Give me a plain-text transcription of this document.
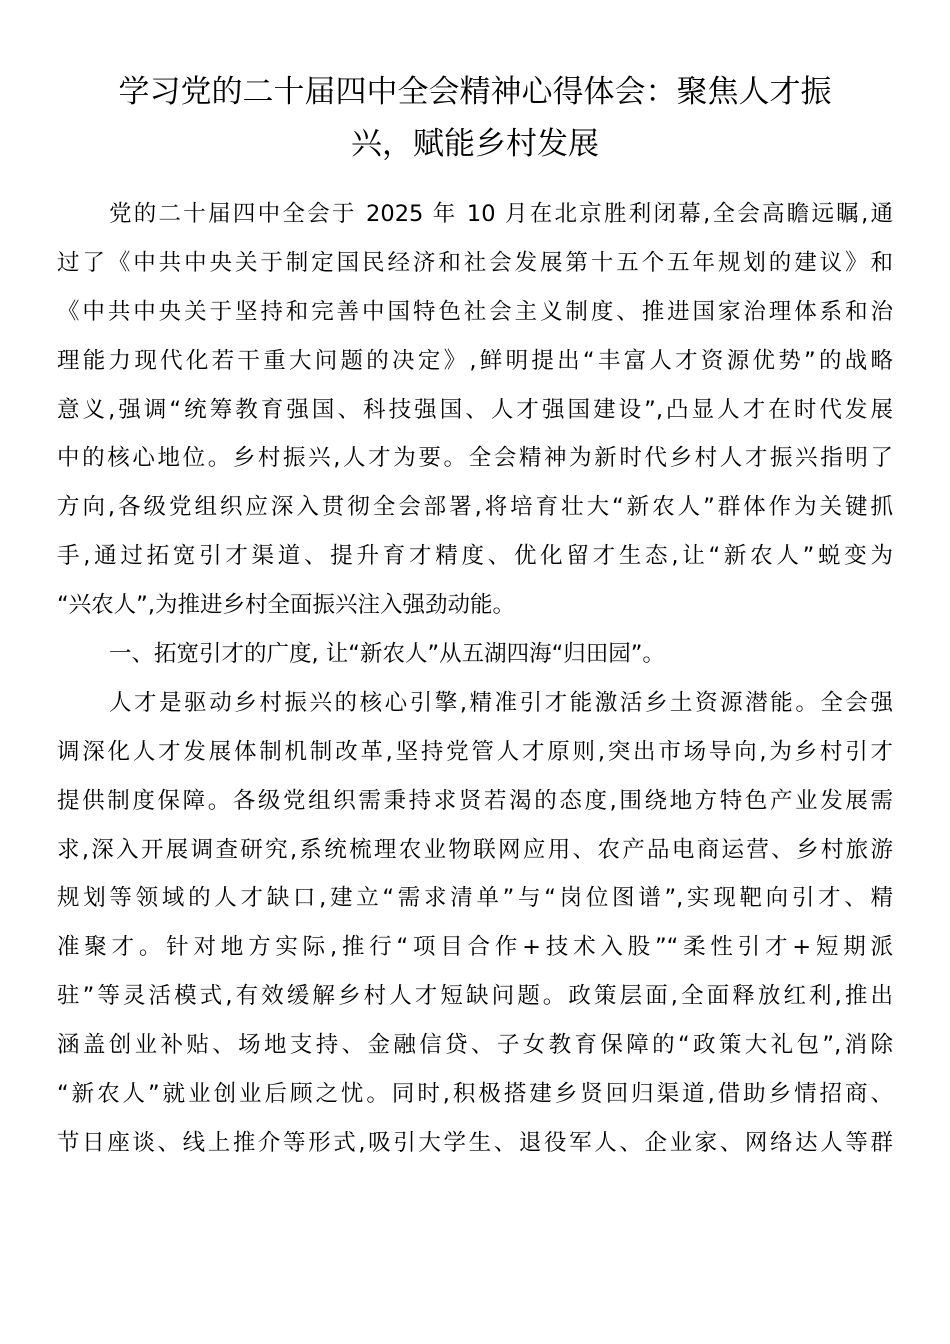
学习党的二十届四中全会精神心得体会：聚焦人才振
兴，赋能乡村发展
党的二十届四中全会于 2025 年 10 月在北京胜利闭幕,全会高瞻远瞩,通
过了《中共中央关于制定国民经济和社会发展第十五个五年规划的建议》和
《中共中央关于坚持和完善中国特色社会主义制度、推进国家治理体系和治
理能力现代化若干重大问题的决定》,鲜明提出“丰富人才资源优势”的战略
意义,强调“统筹教育强国、科技强国、人才强国建设”,凸显人才在时代发展
中的核心地位。乡村振兴,人才为要。全会精神为新时代乡村人才振兴指明了
方向,各级党组织应深入贯彻全会部署,将培育壮大“新农人”群体作为关键抓
手,通过拓宽引才渠道、提升育才精度、优化留才生态,让“新农人”蜕变为
“兴农人”,为推进乡村全面振兴注入强劲动能。
一、拓宽引才的广度, 让“新农人”从五湖四海“归田园”。
人才是驱动乡村振兴的核心引擎,精准引才能激活乡土资源潜能。全会强
调深化人才发展体制机制改革,坚持党管人才原则,突出市场导向,为乡村引才
提供制度保障。各级党组织需秉持求贤若渴的态度,围绕地方特色产业发展需
求,深入开展调查研究,系统梳理农业物联网应用、农产品电商运营、乡村旅游
规划等领域的人才缺口,建立“需求清单”与“岗位图谱”,实现靶向引才、精
准聚才。针对地方实际,推行“项目合作+技术入股”“柔性引才+短期派
驻”等灵活模式,有效缓解乡村人才短缺问题。政策层面,全面释放红利,推出
涵盖创业补贴、场地支持、金融信贷、子女教育保障的“政策大礼包”,消除
“新农人”就业创业后顾之忧。同时,积极搭建乡贤回归渠道,借助乡情招商、
节日座谈、线上推介等形式,吸引大学生、退役军人、企业家、网络达人等群
